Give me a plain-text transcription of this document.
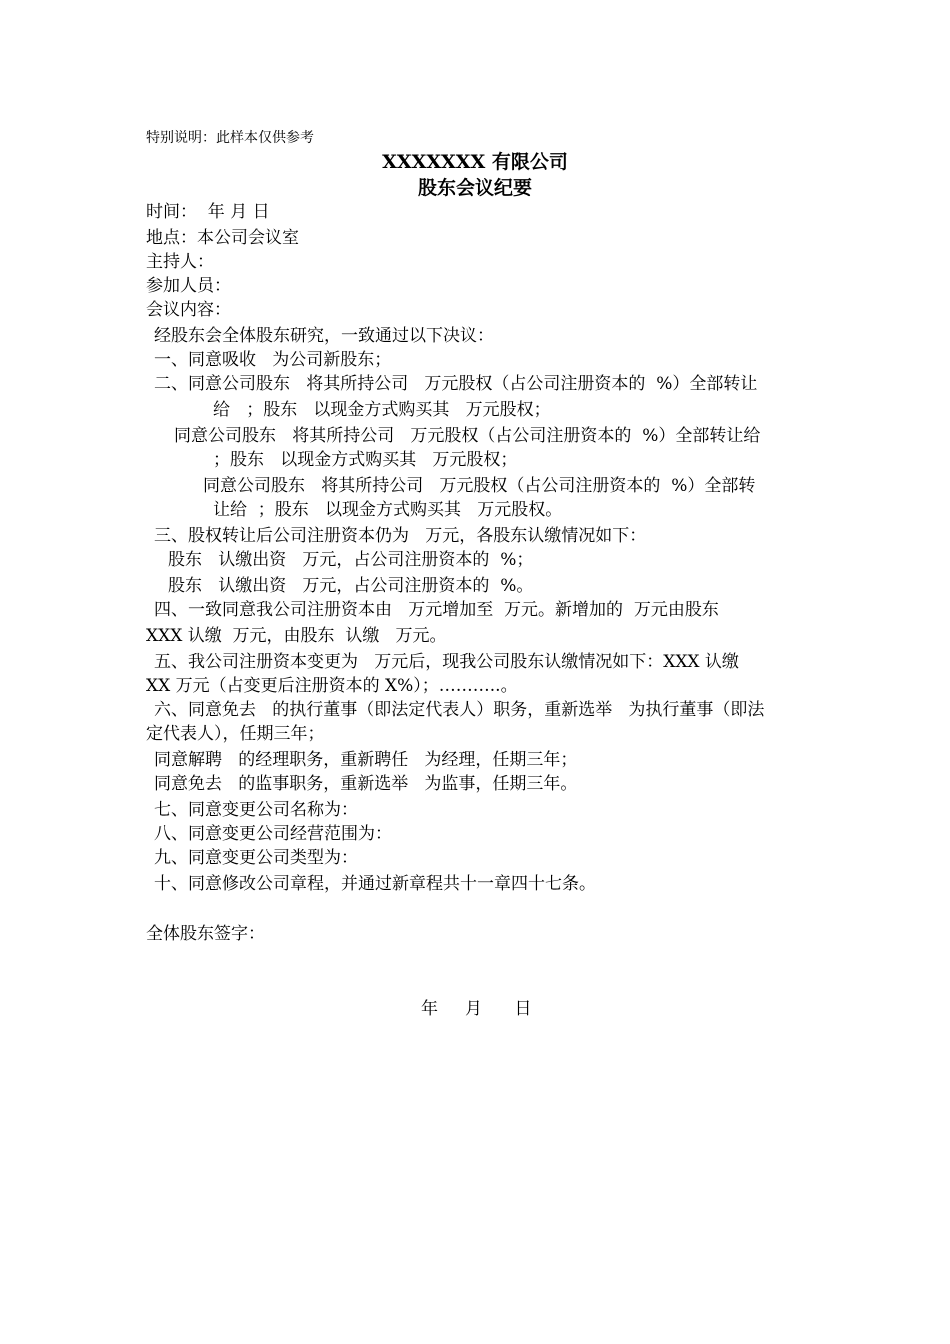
特别说明：此样本仅供参考
XXXXXXX 有限公司
股东会议纪要
时间：  年 月 日
地点：本公司会议室
主持人：
参加人员：
会议内容：
经股东会全体股东研究，一致通过以下决议：
一、同意吸收   为公司新股东；
二、同意公司股东   将其所持公司   万元股权（占公司注册资本的  %）全部转让
给   ；股东   以现金方式购买其   万元股权；
同意公司股东   将其所持公司   万元股权（占公司注册资本的  %）全部转让给
；股东   以现金方式购买其   万元股权；
同意公司股东   将其所持公司   万元股权（占公司注册资本的  %）全部转
让给  ；股东   以现金方式购买其   万元股权。
三、股权转让后公司注册资本仍为   万元，各股东认缴情况如下：
股东   认缴出资   万元，占公司注册资本的  %；
股东   认缴出资   万元，占公司注册资本的  %。
四、一致同意我公司注册资本由   万元增加至  万元。新增加的  万元由股东
XXX 认缴  万元，由股东  认缴   万元。
五、我公司注册资本变更为   万元后，现我公司股东认缴情况如下：XXX 认缴
XX 万元（占变更后注册资本的 X%）；………..。
六、同意免去   的执行董事（即法定代表人）职务，重新选举   为执行董事（即法
定代表人），任期三年；
同意解聘   的经理职务，重新聘任   为经理，任期三年；
同意免去   的监事职务，重新选举   为监事，任期三年。
七、同意变更公司名称为：
八、同意变更公司经营范围为：
九、同意变更公司类型为：
十、同意修改公司章程，并通过新章程共十一章四十七条。
全体股东签字：
年     月      日
